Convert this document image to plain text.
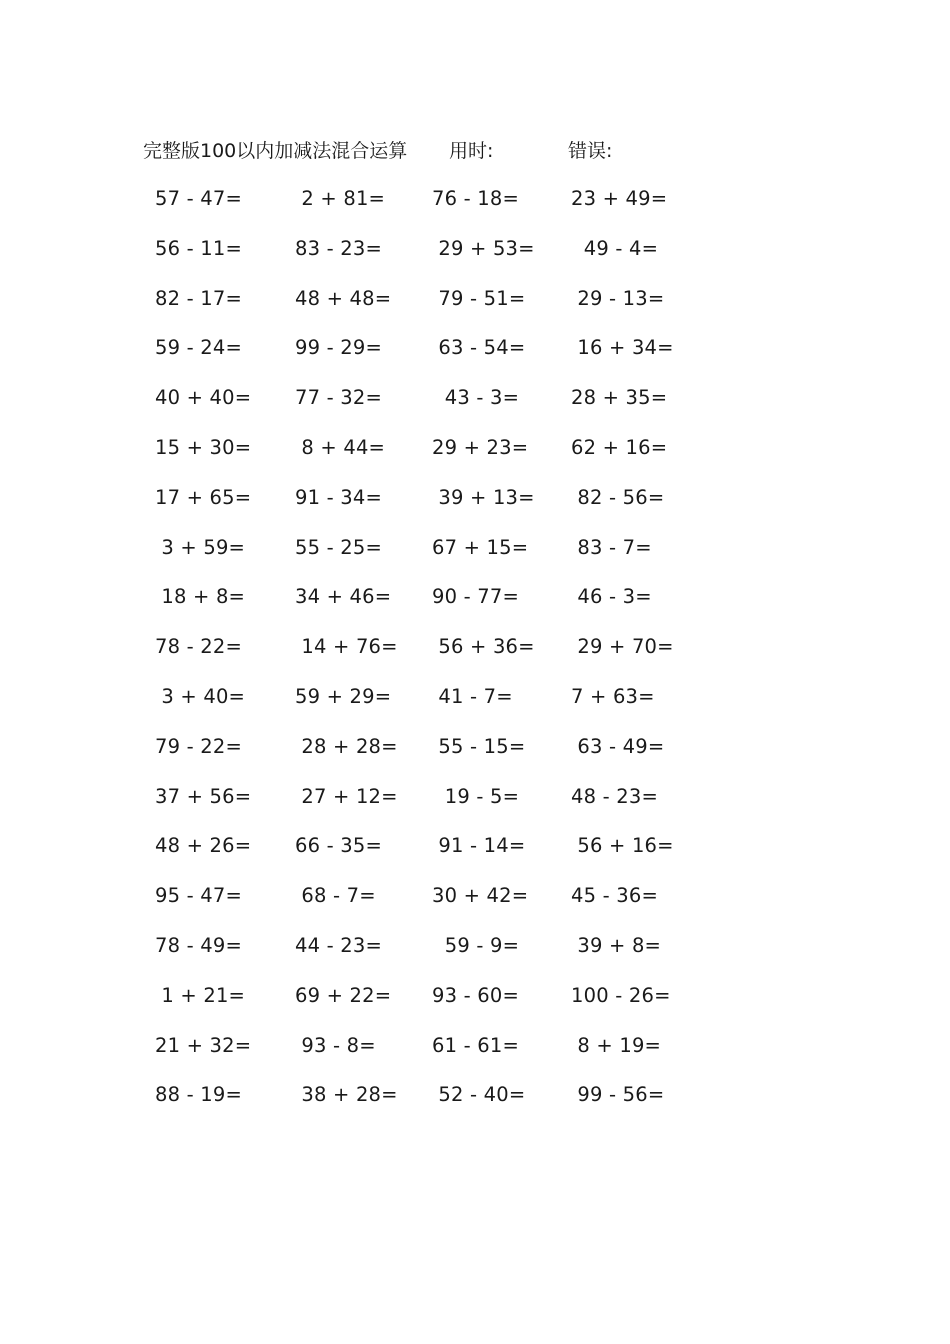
完整版100以内加减法混合运算 用时:	错误:
57 - 47=	2 + 81= 76 - 18=	23 + 49=
56 - 11=	83 - 23=	29 + 53= 49 - 4=
82 - 17=	48 + 48= 79 - 51= 29 - 13=
59 - 24=	99 - 29=	63 - 54= 16 + 34=
40 + 40= 77 - 32=	43 - 3=	28 + 35=
15 + 30= 8 + 44= 29 + 23= 62 + 16=
17 + 65= 91 - 34=	39 + 13= 82 - 56=
3 + 59=	55 - 25=	67 + 15= 83 - 7=
18 + 8=	34 + 46= 90 - 77=	46 - 3=
78 - 22=	14 + 76= 56 + 36= 29 + 70=
3 + 40=	59 + 29= 41 - 7=	7 + 63=
79 - 22=	28 + 28= 55 - 15= 63 - 49=
37 + 56= 27 + 12= 19 - 5=	48 - 23=
48 + 26= 66 - 35=	91 - 14= 56 + 16=
95 - 47=	68 - 7=	30 + 42= 45 - 36=
78 - 49=	44 - 23=	59 - 9=	39 + 8=
1 + 21=	69 + 22= 93 - 60=	100 - 26=
21 + 32= 93 - 8=	61 - 61=	8 + 19=
88 - 19=	38 + 28= 52 - 40= 99 - 56=
